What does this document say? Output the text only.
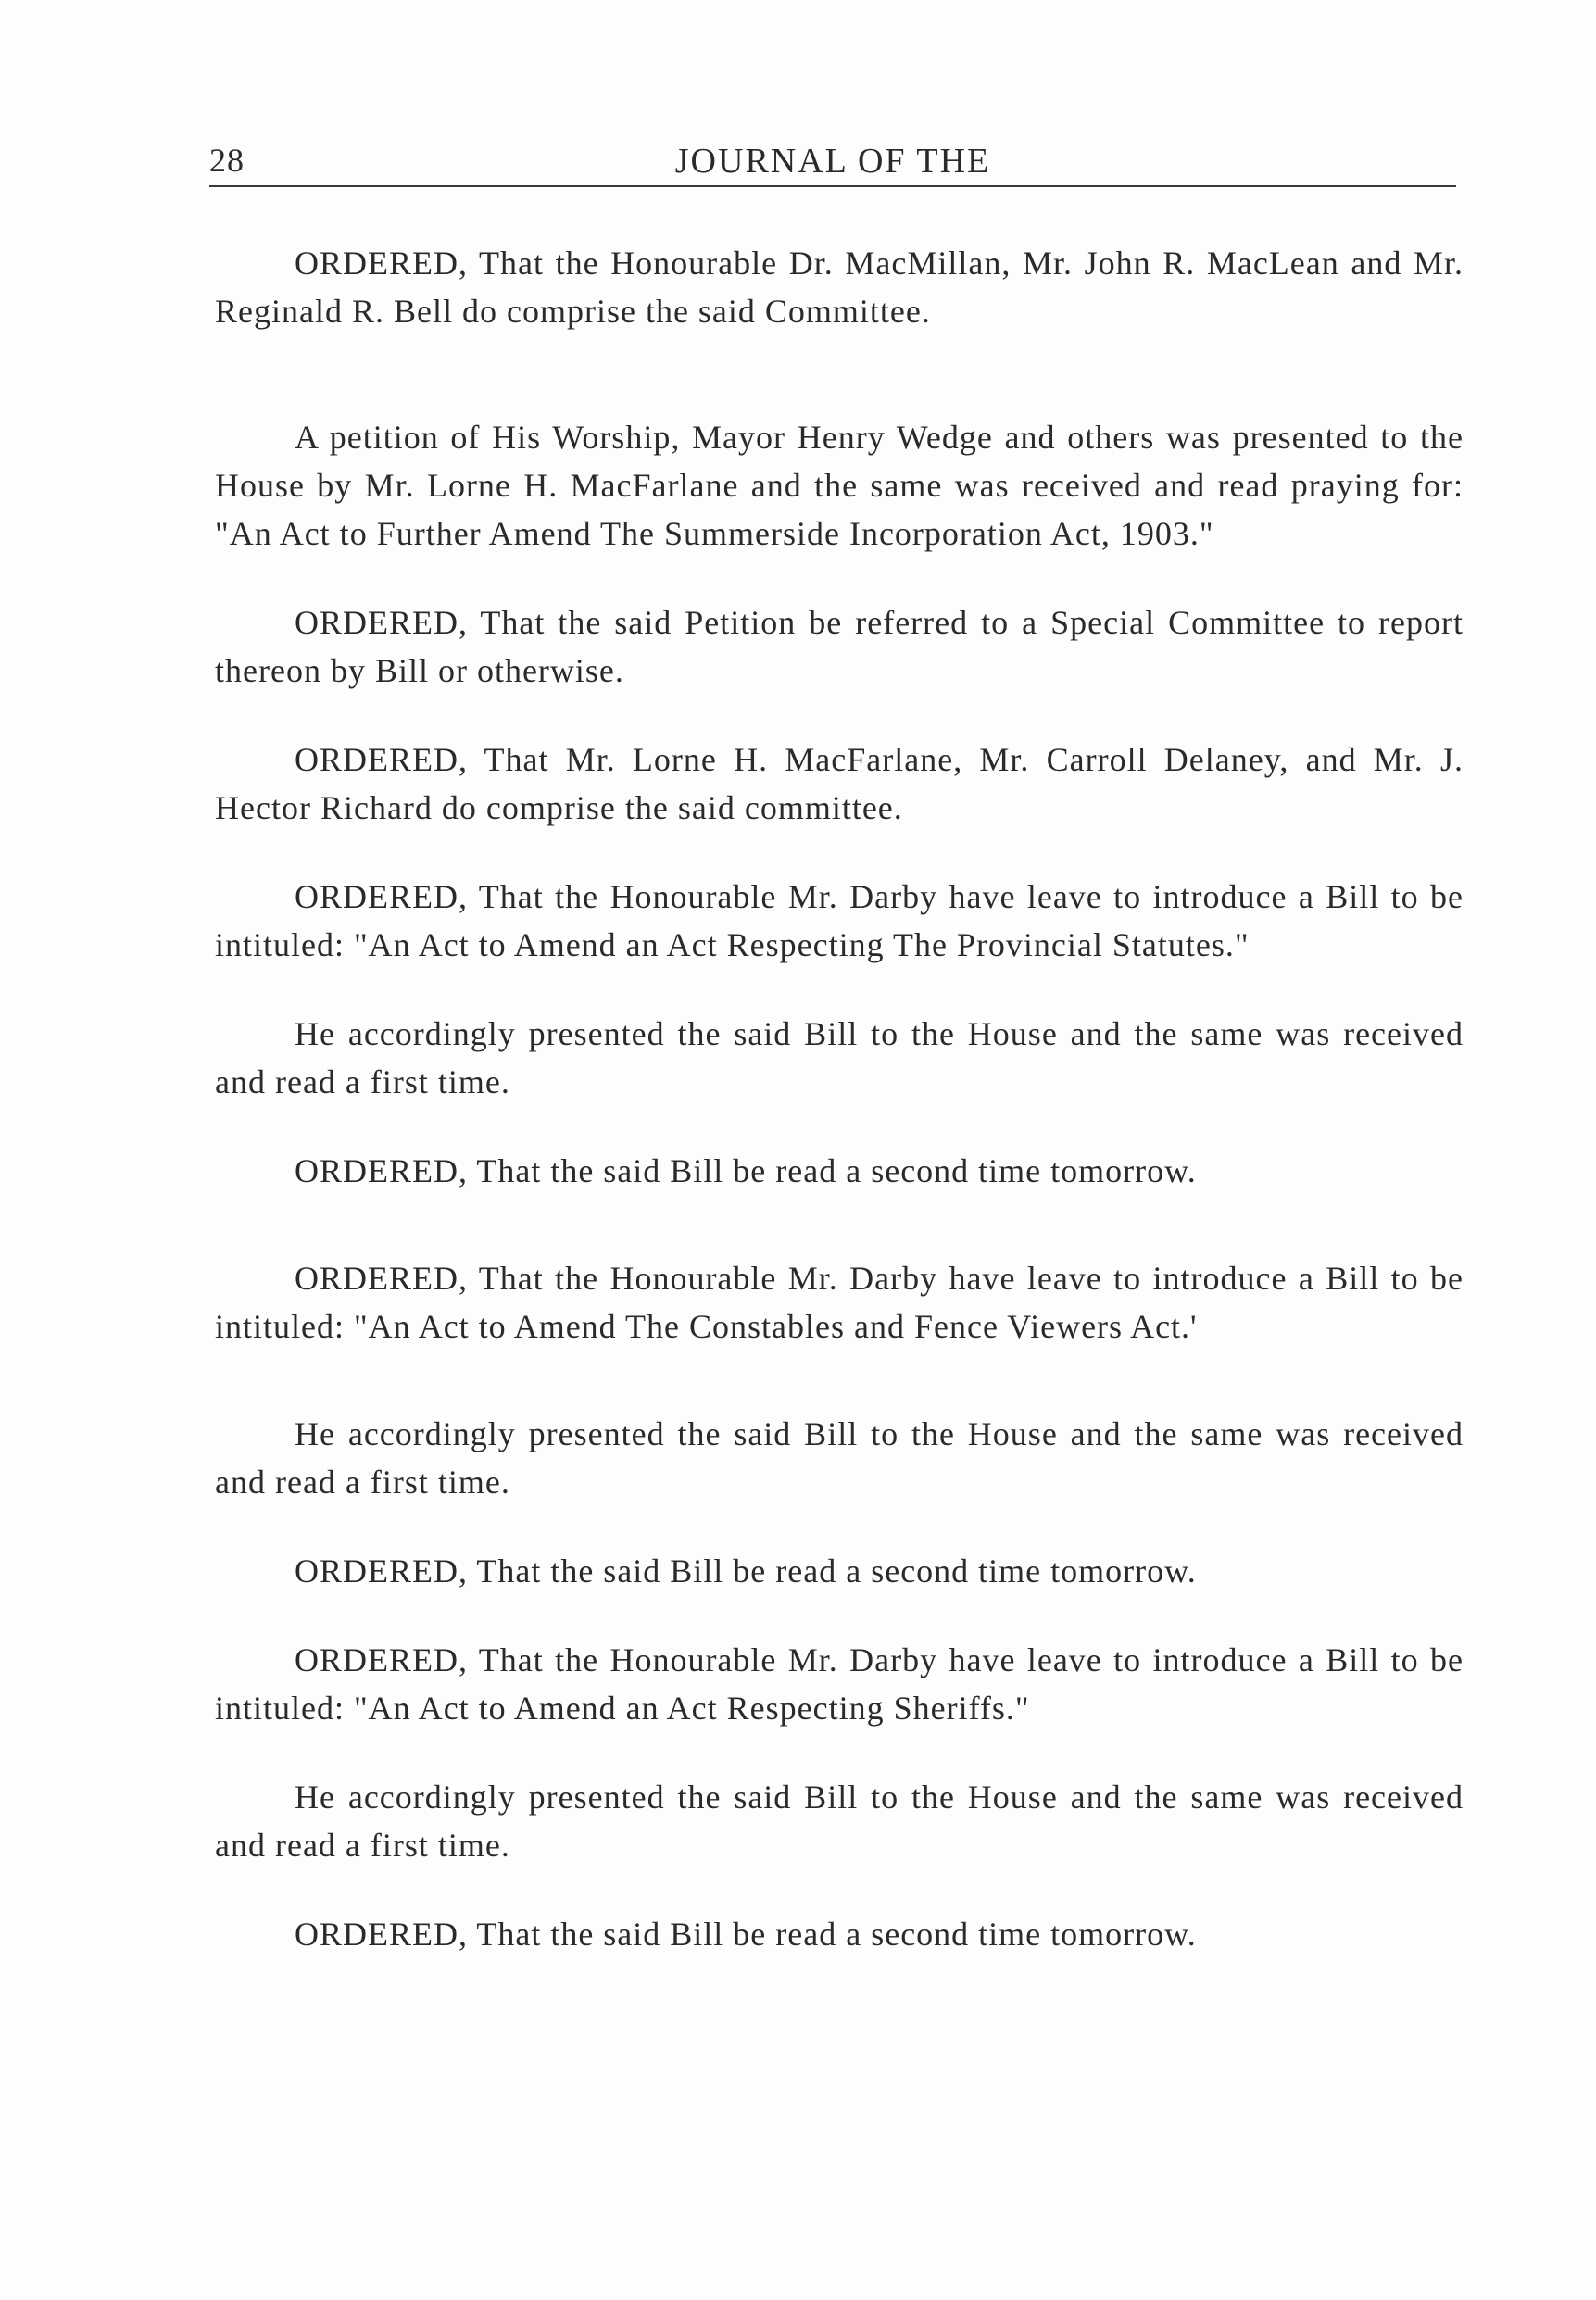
28	JOURNAL OF THE

ORDERED, That the Honourable Dr. MacMillan, Mr. John R. MacLean and Mr. Reginald R. Bell do comprise the said Committee.

A petition of His Worship, Mayor Henry Wedge and others was presented to the House by Mr. Lorne H. MacFarlane and the same was received and read praying for: "An Act to Further Amend The Summerside Incorporation Act, 1903."

ORDERED, That the said Petition be referred to a Special Committee to report thereon by Bill or otherwise.

ORDERED, That Mr. Lorne H. MacFarlane, Mr. Carroll Delaney, and Mr. J. Hector Richard do comprise the said committee.

ORDERED, That the Honourable Mr. Darby have leave to introduce a Bill to be intituled: "An Act to Amend an Act Respecting The Provincial Statutes."

He accordingly presented the said Bill to the House and the same was received and read a first time.

ORDERED, That the said Bill be read a second time tomorrow.

ORDERED, That the Honourable Mr. Darby have leave to introduce a Bill to be intituled: "An Act to Amend The Constables and Fence Viewers Act.'

He accordingly presented the said Bill to the House and the same was received and read a first time.

ORDERED, That the said Bill be read a second time tomorrow.

ORDERED, That the Honourable Mr. Darby have leave to introduce a Bill to be intituled: "An Act to Amend an Act Respecting Sheriffs."

He accordingly presented the said Bill to the House and the same was received and read a first time.

ORDERED, That the said Bill be read a second time tomorrow.
